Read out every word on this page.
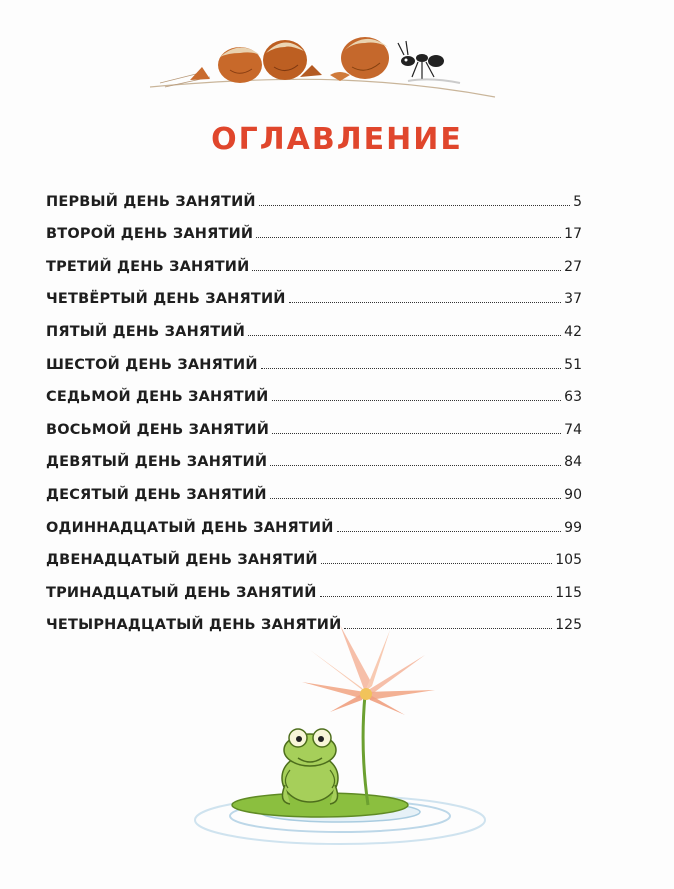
ОГЛАВЛЕНИЕ
ПЕРВЫЙ ДЕНЬ ЗАНЯТИЙ	5
ВТОРОЙ ДЕНЬ ЗАНЯТИЙ	17
ТРЕТИЙ ДЕНЬ ЗАНЯТИЙ	27
ЧЕТВЁРТЫЙ ДЕНЬ ЗАНЯТИЙ	37
ПЯТЫЙ ДЕНЬ ЗАНЯТИЙ	42
ШЕСТОЙ ДЕНЬ ЗАНЯТИЙ	51
СЕДЬМОЙ ДЕНЬ ЗАНЯТИЙ	63
ВОСЬМОЙ ДЕНЬ ЗАНЯТИЙ	74
ДЕВЯТЫЙ ДЕНЬ ЗАНЯТИЙ	84
ДЕСЯТЫЙ ДЕНЬ ЗАНЯТИЙ	90
ОДИННАДЦАТЫЙ ДЕНЬ ЗАНЯТИЙ	99
ДВЕНАДЦАТЫЙ ДЕНЬ ЗАНЯТИЙ	105
ТРИНАДЦАТЫЙ ДЕНЬ ЗАНЯТИЙ	115
ЧЕТЫРНАДЦАТЫЙ ДЕНЬ ЗАНЯТИЙ	125
